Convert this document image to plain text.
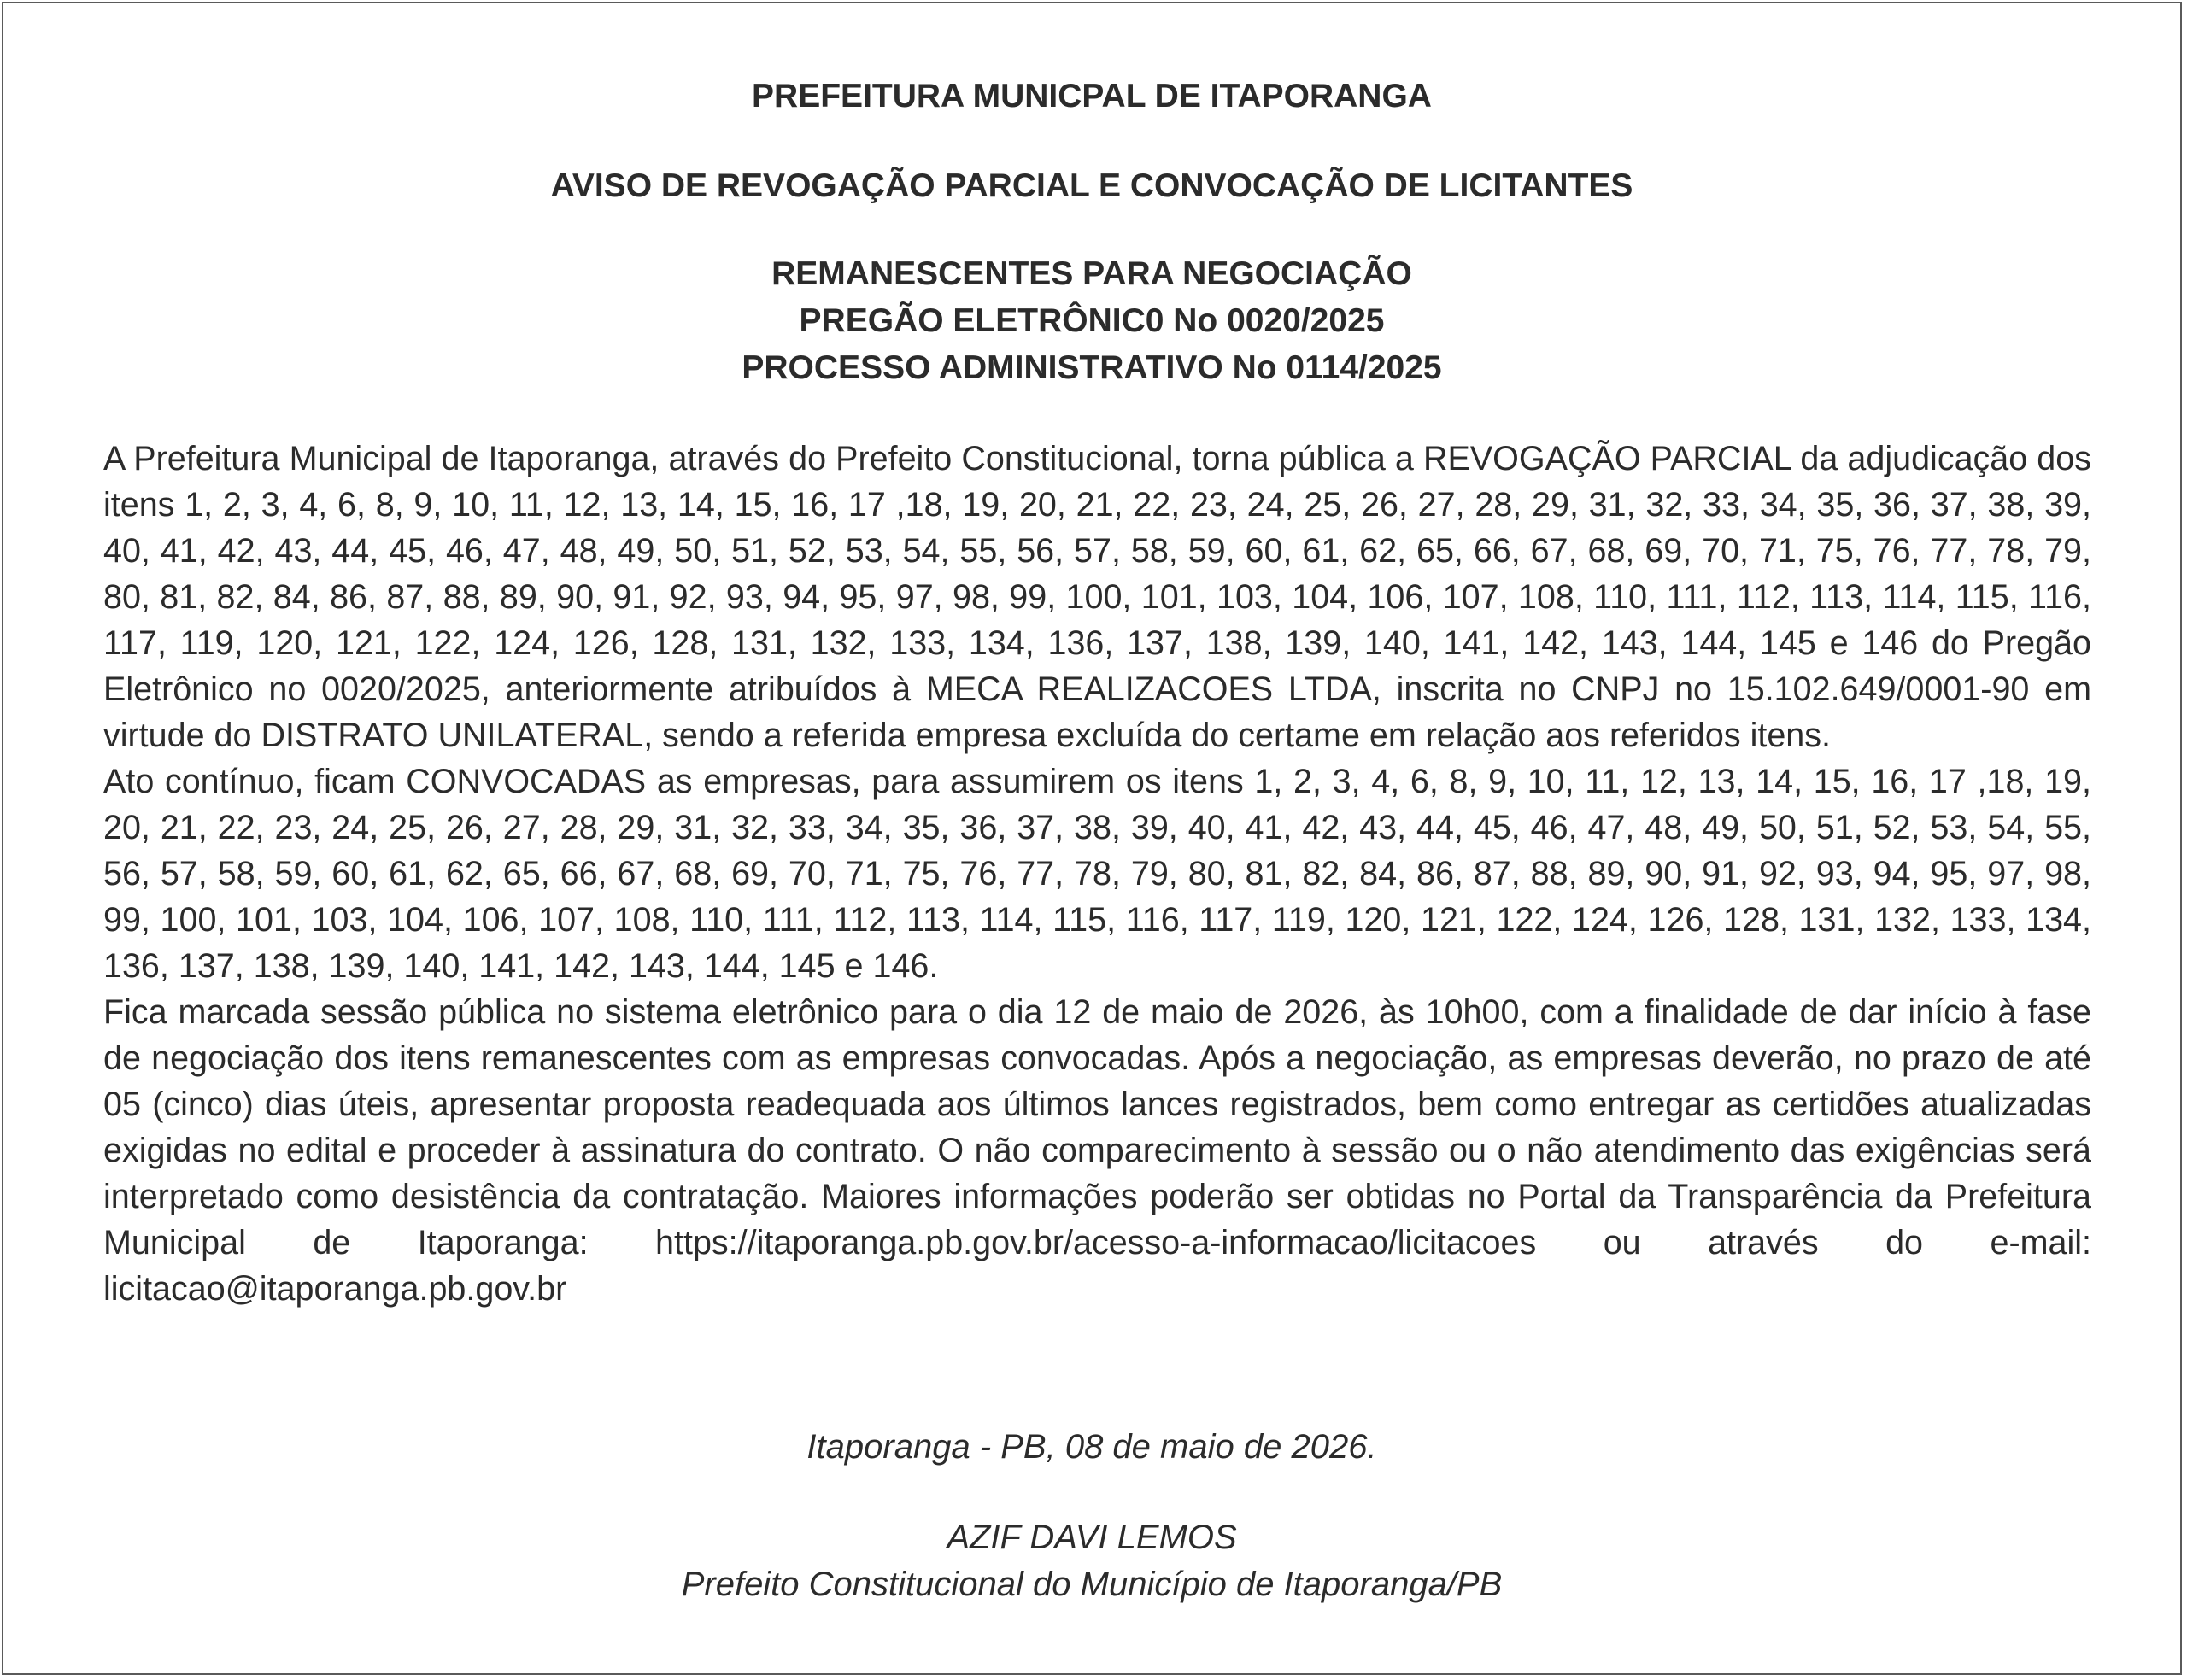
PREFEITURA MUNICPAL DE ITAPORANGA
AVISO DE REVOGAÇÃO PARCIAL E CONVOCAÇÃO DE LICITANTES
REMANESCENTES PARA NEGOCIAÇÃO
PREGÃO ELETRÔNIC0 No 0020/2025
PROCESSO ADMINISTRATIVO No 0114/2025

A Prefeitura Municipal de Itaporanga, através do Prefeito Constitucional, torna pública a REVOGAÇÃO PARCIAL da adjudicação dos itens 1, 2, 3, 4, 6, 8, 9, 10, 11, 12, 13, 14, 15, 16, 17 ,18, 19, 20, 21, 22, 23, 24, 25, 26, 27, 28, 29, 31, 32, 33, 34, 35, 36, 37, 38, 39, 40, 41, 42, 43, 44, 45, 46, 47, 48, 49, 50, 51, 52, 53, 54, 55, 56, 57, 58, 59, 60, 61, 62, 65, 66, 67, 68, 69, 70, 71, 75, 76, 77, 78, 79, 80, 81, 82, 84, 86, 87, 88, 89, 90, 91, 92, 93, 94, 95, 97, 98, 99, 100, 101, 103, 104, 106, 107, 108, 110, 111, 112, 113, 114, 115, 116, 117, 119, 120, 121, 122, 124, 126, 128, 131, 132, 133, 134, 136, 137, 138, 139, 140, 141, 142, 143, 144, 145 e 146 do Pregão Eletrônico no 0020/2025, anteriormente atribuídos à MECA REALIZACOES LTDA, inscrita no CNPJ no 15.102.649/0001-90 em virtude do DISTRATO UNILATERAL, sendo a referida empresa excluída do certame em relação aos referidos itens.

Ato contínuo, ficam CONVOCADAS as empresas, para assumirem os itens 1, 2, 3, 4, 6, 8, 9, 10, 11, 12, 13, 14, 15, 16, 17 ,18, 19, 20, 21, 22, 23, 24, 25, 26, 27, 28, 29, 31, 32, 33, 34, 35, 36, 37, 38, 39, 40, 41, 42, 43, 44, 45, 46, 47, 48, 49, 50, 51, 52, 53, 54, 55, 56, 57, 58, 59, 60, 61, 62, 65, 66, 67, 68, 69, 70, 71, 75, 76, 77, 78, 79, 80, 81, 82, 84, 86, 87, 88, 89, 90, 91, 92, 93, 94, 95, 97, 98, 99, 100, 101, 103, 104, 106, 107, 108, 110, 111, 112, 113, 114, 115, 116, 117, 119, 120, 121, 122, 124, 126, 128, 131, 132, 133, 134, 136, 137, 138, 139, 140, 141, 142, 143, 144, 145 e 146.

Fica marcada sessão pública no sistema eletrônico para o dia 12 de maio de 2026, às 10h00, com a finalidade de dar início à fase de negociação dos itens remanescentes com as empresas convocadas. Após a negociação, as empresas deverão, no prazo de até 05 (cinco) dias úteis, apresentar proposta readequada aos últimos lances registrados, bem como entregar as certidões atualizadas exigidas no edital e proceder à assinatura do contrato. O não comparecimento à sessão ou o não atendimento das exigências será interpretado como desistência da contratação. Maiores informações poderão ser obtidas no Portal da Transparência da Prefeitura Municipal de Itaporanga: https://itaporanga.pb.gov.br/acesso-a-informacao/licitacoes ou através do e-mail: licitacao@itaporanga.pb.gov.br

Itaporanga - PB, 08 de maio de 2026.

AZIF DAVI LEMOS

Prefeito Constitucional do Município de Itaporanga/PB
